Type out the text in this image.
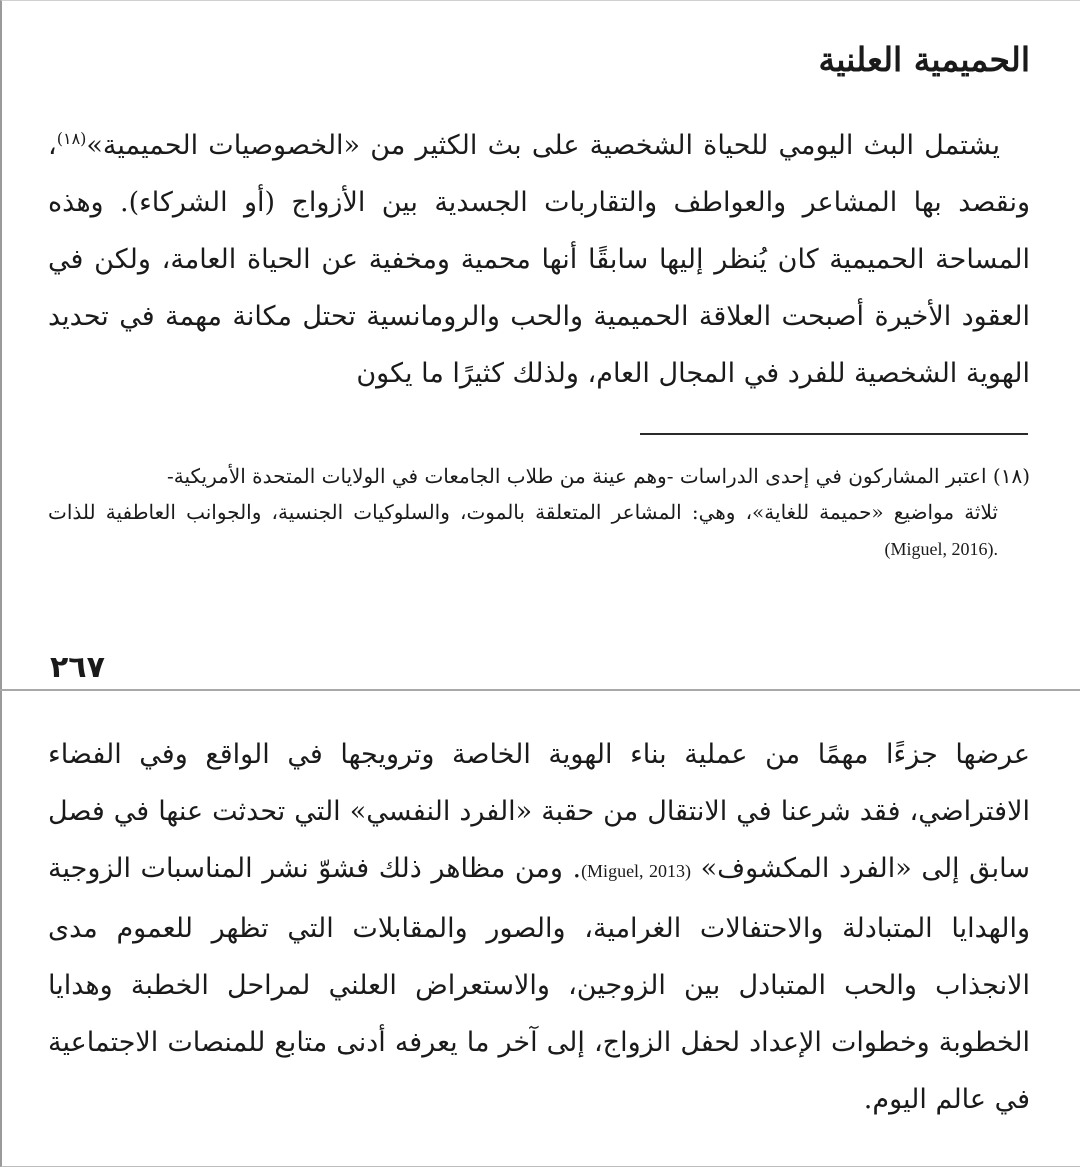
الحميمية العلنية

يشتمل البث اليومي للحياة الشخصية على بث الكثير من «الخصوصيات الحميمية»$^{(١٨)}$، ونقصد بها المشاعر والعواطف والتقاربات الجسدية بين الأزواج (أو الشركاء). وهذه المساحة الحميمية كان يُنظر إليها سابقًا أنها محمية ومخفية عن الحياة العامة، ولكن في العقود الأخيرة أصبحت العلاقة الحميمية والحب والرومانسية تحتل مكانة مهمة في تحديد الهوية الشخصية للفرد في المجال العام، ولذلك كثيرًا ما يكون

(١٨) اعتبر المشاركون في إحدى الدراسات -وهم عينة من طلاب الجامعات في الولايات المتحدة الأمريكية-
ثلاثة مواضيع «حميمة للغاية»، وهي: المشاعر المتعلقة بالموت، والسلوكيات الجنسية، والجوانب العاطفية للذات (Miguel, 2016).

٢٦٧

عرضها جزءًا مهمًا من عملية بناء الهوية الخاصة وترويجها في الواقع وفي الفضاء الافتراضي، فقد شرعنا في الانتقال من حقبة «الفرد النفسي» التي تحدثت عنها في فصل سابق إلى «الفرد المكشوف» (Miguel, 2013). ومن مظاهر ذلك فشوّ نشر المناسبات الزوجية والهدايا المتبادلة والاحتفالات الغرامية، والصور والمقابلات التي تظهر للعموم مدى الانجذاب والحب المتبادل بين الزوجين، والاستعراض العلني لمراحل الخطبة وهدايا الخطوبة وخطوات الإعداد لحفل الزواج، إلى آخر ما يعرفه أدنى متابع للمنصات الاجتماعية في عالم اليوم.
